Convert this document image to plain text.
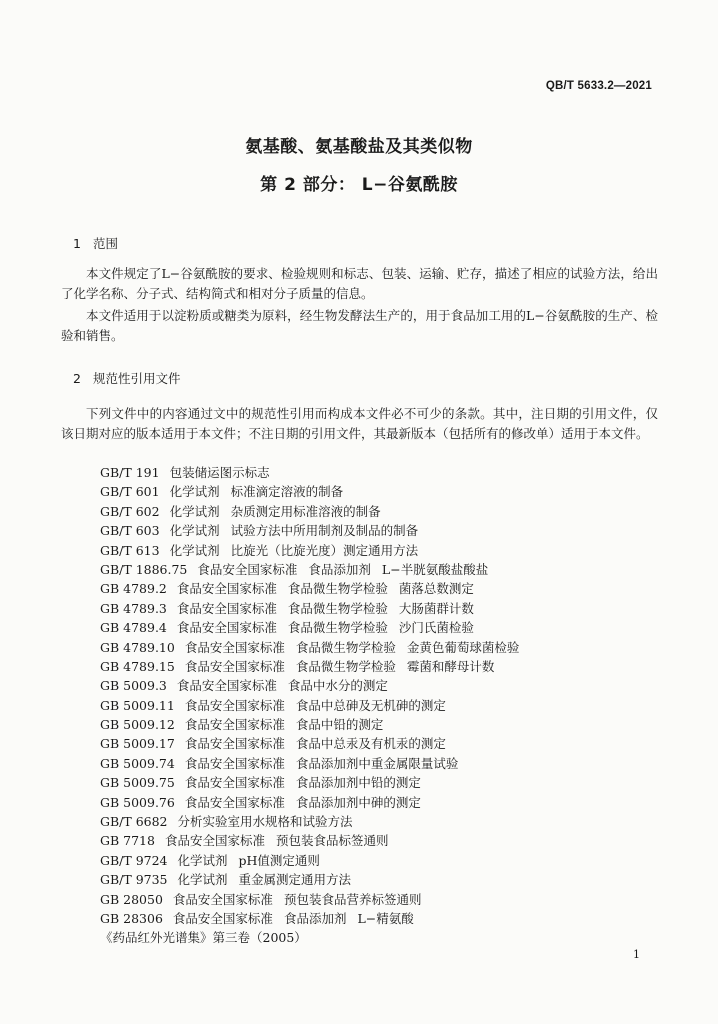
QB/T 5633.2—2021
氨基酸、氨基酸盐及其类似物
第 2 部分： L−谷氨酰胺
1 范围

本文件规定了L−谷氨酰胺的要求、检验规则和标志、包装、运输、贮存，描述了相应的试验方法，给出了化学名称、分子式、结构简式和相对分子质量的信息。

本文件适用于以淀粉质或糖类为原料，经生物发酵法生产的，用于食品加工用的L−谷氨酰胺的生产、检验和销售。

2 规范性引用文件

下列文件中的内容通过文中的规范性引用而构成本文件必不可少的条款。其中，注日期的引用文件，仅该日期对应的版本适用于本文件；不注日期的引用文件，其最新版本（包括所有的修改单）适用于本文件。

GB/T 191 包装储运图示标志
GB/T 601 化学试剂 标准滴定溶液的制备
GB/T 602 化学试剂 杂质测定用标准溶液的制备
GB/T 603 化学试剂 试验方法中所用制剂及制品的制备
GB/T 613 化学试剂 比旋光（比旋光度）测定通用方法
GB/T 1886.75 食品安全国家标准 食品添加剂 L−半胱氨酸盐酸盐
GB 4789.2 食品安全国家标准 食品微生物学检验 菌落总数测定
GB 4789.3 食品安全国家标准 食品微生物学检验 大肠菌群计数
GB 4789.4 食品安全国家标准 食品微生物学检验 沙门氏菌检验
GB 4789.10 食品安全国家标准 食品微生物学检验 金黄色葡萄球菌检验
GB 4789.15 食品安全国家标准 食品微生物学检验 霉菌和酵母计数
GB 5009.3 食品安全国家标准 食品中水分的测定
GB 5009.11 食品安全国家标准 食品中总砷及无机砷的测定
GB 5009.12 食品安全国家标准 食品中铅的测定
GB 5009.17 食品安全国家标准 食品中总汞及有机汞的测定
GB 5009.74 食品安全国家标准 食品添加剂中重金属限量试验
GB 5009.75 食品安全国家标准 食品添加剂中铅的测定
GB 5009.76 食品安全国家标准 食品添加剂中砷的测定
GB/T 6682 分析实验室用水规格和试验方法
GB 7718 食品安全国家标准 预包装食品标签通则
GB/T 9724 化学试剂 pH值测定通则
GB/T 9735 化学试剂 重金属测定通用方法
GB 28050 食品安全国家标准 预包装食品营养标签通则
GB 28306 食品安全国家标准 食品添加剂 L−精氨酸
《药品红外光谱集》第三卷（2005）
1
